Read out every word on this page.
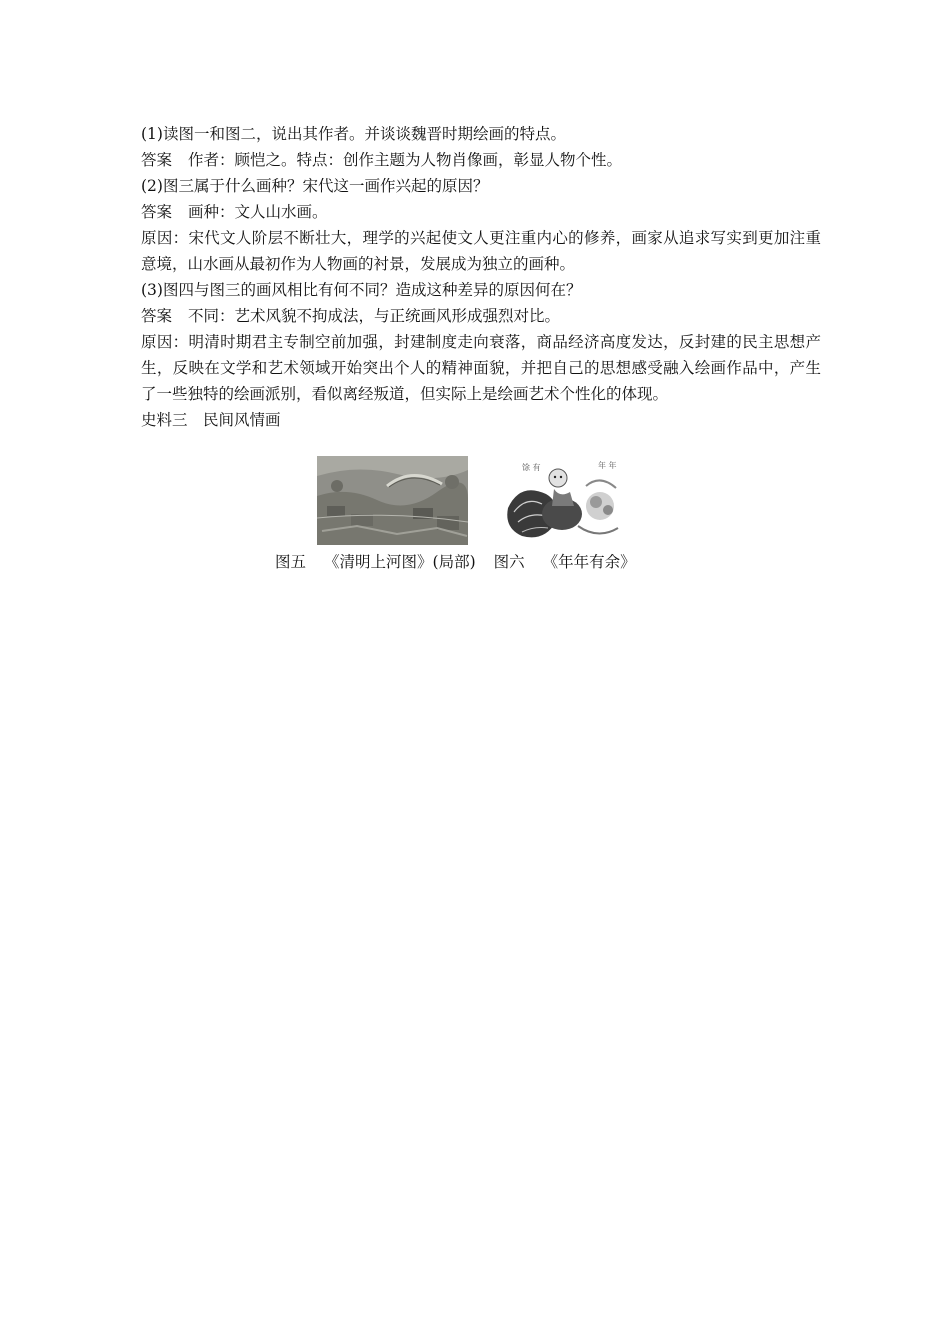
(1)读图一和图二，说出其作者。并谈谈魏晋时期绘画的特点。

答案 作者：顾恺之。特点：创作主题为人物肖像画，彰显人物个性。

(2)图三属于什么画种？宋代这一画作兴起的原因？

答案 画种：文人山水画。

原因：宋代文人阶层不断壮大，理学的兴起使文人更注重内心的修养，画家从追求写实到更加注重意境，山水画从最初作为人物画的衬景，发展成为独立的画种。

(3)图四与图三的画风相比有何不同？造成这种差异的原因何在？

答案 不同：艺术风貌不拘成法，与正统画风形成强烈对比。

原因：明清时期君主专制空前加强，封建制度走向衰落，商品经济高度发达，反封建的民主思想产生，反映在文学和艺术领域开始突出个人的精神面貌，并把自己的思想感受融入绘画作品中，产生了一些独特的绘画派别，看似离经叛道，但实际上是绘画艺术个性化的体现。

史料三　民间风情画

馀 有	年 年
图五 《清明上河图》(局部) 图六 《年年有余》
